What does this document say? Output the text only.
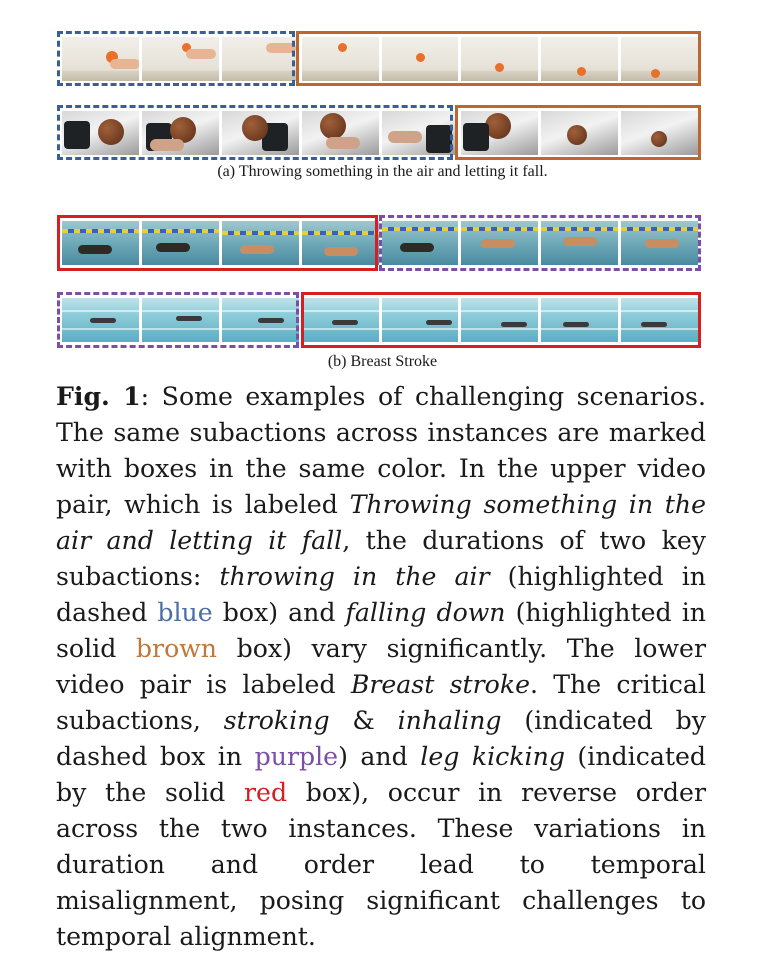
(a) Throwing something in the air and letting it fall.
(b) Breast Stroke

Fig. 1: Some examples of challenging scenarios. The same subactions across instances are marked with boxes in the same color. In the upper video pair, which is labeled Throwing something in the air and letting it fall, the durations of two key subactions: throwing in the air (highlighted in dashed blue box) and falling down (highlighted in solid brown box) vary significantly. The lower video pair is labeled Breast stroke. The critical subactions, stroking & inhaling (indicated by dashed box in purple) and leg kicking (indicated by the solid red box), occur in reverse order across the two instances. These variations in duration and order lead to temporal misalignment, posing significant challenges to temporal alignment.
